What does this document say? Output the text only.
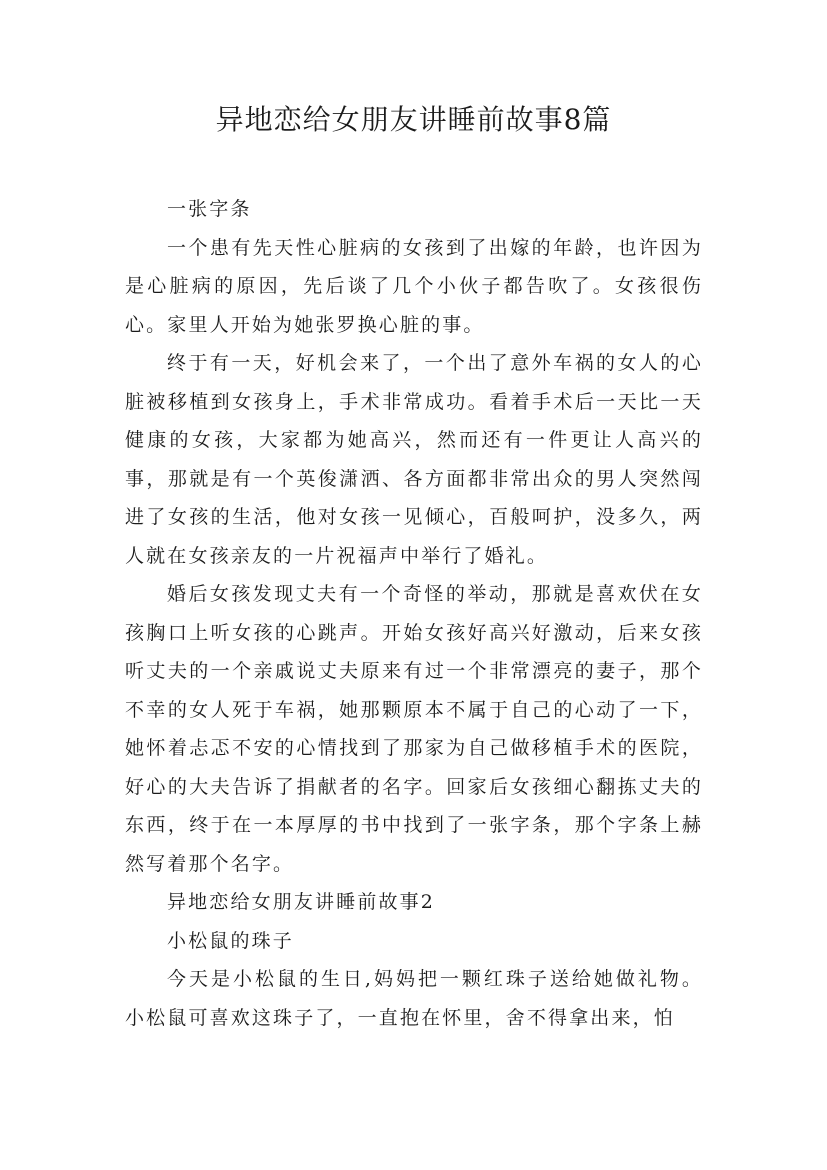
异地恋给女朋友讲睡前故事8篇

一张字条

一个患有先天性心脏病的女孩到了出嫁的年龄，也许因为是心脏病的原因，先后谈了几个小伙子都告吹了。女孩很伤心。家里人开始为她张罗换心脏的事。

终于有一天，好机会来了，一个出了意外车祸的女人的心脏被移植到女孩身上，手术非常成功。看着手术后一天比一天健康的女孩，大家都为她高兴，然而还有一件更让人高兴的事，那就是有一个英俊潇洒、各方面都非常出众的男人突然闯进了女孩的生活，他对女孩一见倾心，百般呵护，没多久，两人就在女孩亲友的一片祝福声中举行了婚礼。

婚后女孩发现丈夫有一个奇怪的举动，那就是喜欢伏在女孩胸口上听女孩的心跳声。开始女孩好高兴好激动，后来女孩听丈夫的一个亲戚说丈夫原来有过一个非常漂亮的妻子，那个不幸的女人死于车祸，她那颗原本不属于自己的心动了一下，她怀着忐忑不安的心情找到了那家为自己做移植手术的医院，好心的大夫告诉了捐献者的名字。回家后女孩细心翻拣丈夫的东西，终于在一本厚厚的书中找到了一张字条，那个字条上赫然写着那个名字。

异地恋给女朋友讲睡前故事2

小松鼠的珠子

今天是小松鼠的生日,妈妈把一颗红珠子送给她做礼物。小松鼠可喜欢这珠子了，一直抱在怀里，舍不得拿出来，怕
